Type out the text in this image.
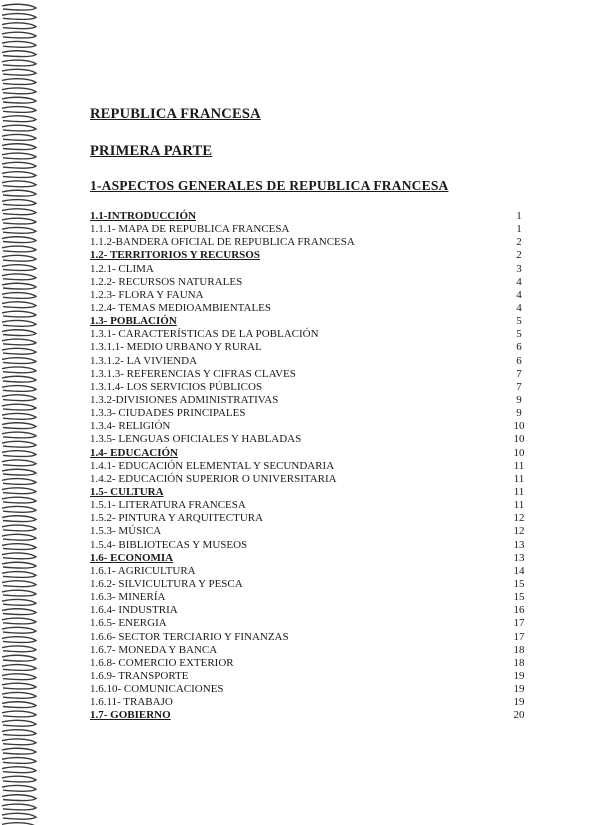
REPUBLICA FRANCESA
PRIMERA PARTE
1-ASPECTOS GENERALES DE REPUBLICA FRANCESA
1.1-INTRODUCCIÓN	1
1.1.1- MAPA DE REPUBLICA FRANCESA	1
1.1.2-BANDERA OFICIAL DE REPUBLICA FRANCESA	2
1.2- TERRITORIOS Y RECURSOS	2
1.2.1- CLIMA	3
1.2.2- RECURSOS NATURALES	4
1.2.3- FLORA Y FAUNA	4
1.2.4- TEMAS MEDIOAMBIENTALES	4
1.3- POBLACIÓN	5
1.3.1- CARACTERÍSTICAS DE LA POBLACIÓN	5
1.3.1.1- MEDIO URBANO Y RURAL	6
1.3.1.2- LA VIVIENDA	6
1.3.1.3- REFERENCIAS Y CIFRAS CLAVES	7
1.3.1.4- LOS SERVICIOS PÚBLICOS	7
1.3.2-DIVISIONES ADMINISTRATIVAS	9
1.3.3- CIUDADES PRINCIPALES	9
1.3.4- RELIGIÓN	10
1.3.5- LENGUAS OFICIALES Y HABLADAS	10
1.4- EDUCACIÓN	10
1.4.1- EDUCACIÓN ELEMENTAL Y SECUNDARIA	11
1.4.2- EDUCACIÓN SUPERIOR O UNIVERSITARIA	11
1.5- CULTURA	11
1.5.1- LITERATURA FRANCESA	11
1.5.2- PINTURA Y ARQUITECTURA	12
1.5.3- MÚSICA	12
1.5.4- BIBLIOTECAS Y MUSEOS	13
1.6- ECONOMIA	13
1.6.1- AGRICULTURA	14
1.6.2- SILVICULTURA Y PESCA	15
1.6.3- MINERÍA	15
1.6.4- INDUSTRIA	16
1.6.5- ENERGIA	17
1.6.6- SECTOR TERCIARIO Y FINANZAS	17
1.6.7- MONEDA Y BANCA	18
1.6.8- COMERCIO EXTERIOR	18
1.6.9- TRANSPORTE	19
1.6.10- COMUNICACIONES	19
1.6.11- TRABAJO	19
1.7- GOBIERNO	20
